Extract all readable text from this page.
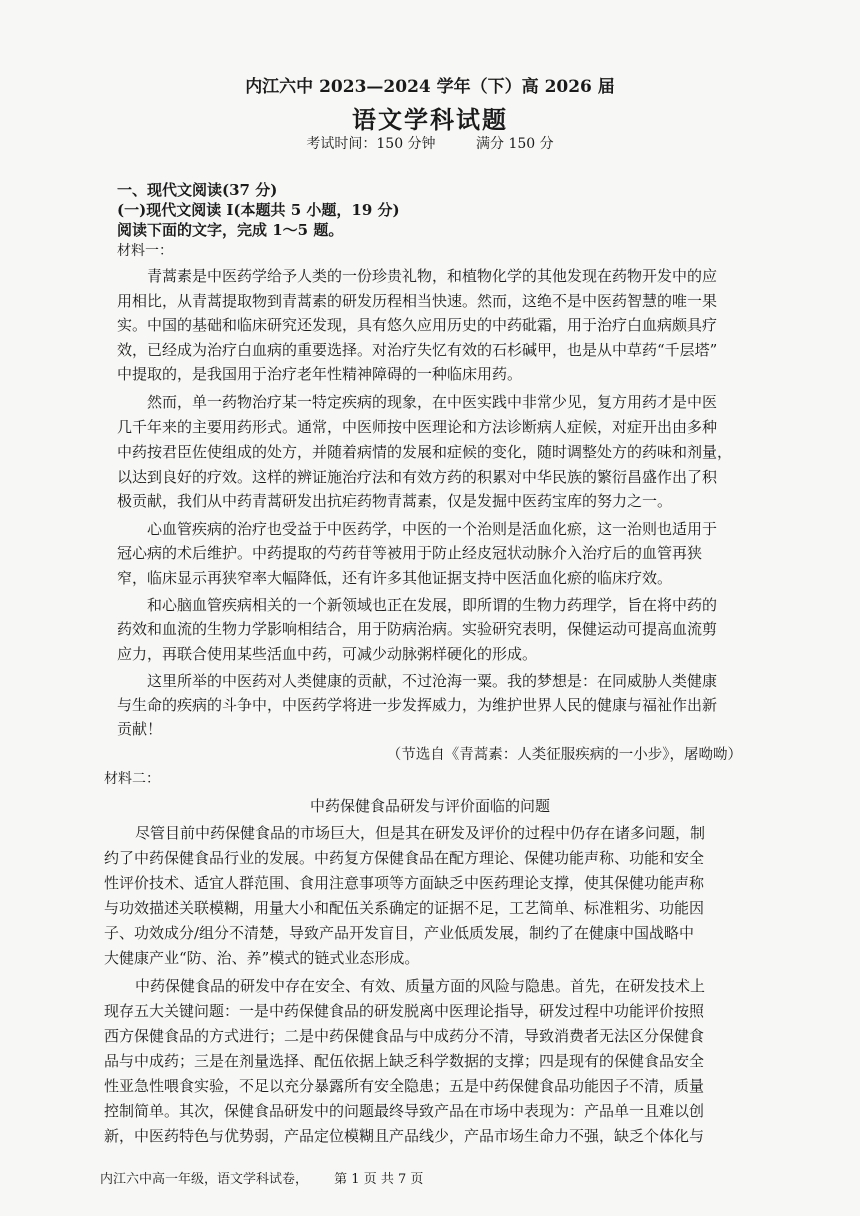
内江六中 2023—2024 学年（下）高 2026 届
语文学科试题
考试时间：150 分钟	满分 150 分
一、现代文阅读(37 分)
(一)现代文阅读 I(本题共 5 小题，19 分)
阅读下面的文字，完成 1～5 题。
材料一：
青蒿素是中医药学给予人类的一份珍贵礼物，和植物化学的其他发现在药物开发中的应
用相比，从青蒿提取物到青蒿素的研发历程相当快速。然而，这绝不是中医药智慧的唯一果
实。中国的基础和临床研究还发现，具有悠久应用历史的中药砒霜，用于治疗白血病颇具疗
效，已经成为治疗白血病的重要选择。对治疗失忆有效的石杉碱甲，也是从中草药“千层塔”
中提取的，是我国用于治疗老年性精神障碍的一种临床用药。
然而，单一药物治疗某一特定疾病的现象，在中医实践中非常少见，复方用药才是中医
几千年来的主要用药形式。通常，中医师按中医理论和方法诊断病人症候，对症开出由多种
中药按君臣佐使组成的处方，并随着病情的发展和症候的变化，随时调整处方的药味和剂量，
以达到良好的疗效。这样的辨证施治疗法和有效方药的积累对中华民族的繁衍昌盛作出了积
极贡献，我们从中药青蒿研发出抗疟药物青蒿素，仅是发掘中医药宝库的努力之一。
心血管疾病的治疗也受益于中医药学，中医的一个治则是活血化瘀，这一治则也适用于
冠心病的术后维护。中药提取的芍药苷等被用于防止经皮冠状动脉介入治疗后的血管再狭
窄，临床显示再狭窄率大幅降低，还有许多其他证据支持中医活血化瘀的临床疗效。
和心脑血管疾病相关的一个新领域也正在发展，即所谓的生物力药理学，旨在将中药的
药效和血流的生物力学影响相结合，用于防病治病。实验研究表明，保健运动可提高血流剪
应力，再联合使用某些活血中药，可减少动脉粥样硬化的形成。
这里所举的中医药对人类健康的贡献，不过沧海一粟。我的梦想是：在同威胁人类健康
与生命的疾病的斗争中，中医药学将进一步发挥威力，为维护世界人民的健康与福祉作出新
贡献！
（节选自《青蒿素：人类征服疾病的一小步》，屠呦呦）
材料二：
中药保健食品研发与评价面临的问题
尽管目前中药保健食品的市场巨大，但是其在研发及评价的过程中仍存在诸多问题，制
约了中药保健食品行业的发展。中药复方保健食品在配方理论、保健功能声称、功能和安全
性评价技术、适宜人群范围、食用注意事项等方面缺乏中医药理论支撑，使其保健功能声称
与功效描述关联模糊，用量大小和配伍关系确定的证据不足，工艺简单、标准粗劣、功能因
子、功效成分/组分不清楚，导致产品开发盲目，产业低质发展，制约了在健康中国战略中
大健康产业“防、治、养”模式的链式业态形成。
中药保健食品的研发中存在安全、有效、质量方面的风险与隐患。首先，在研发技术上
现存五大关键问题：一是中药保健食品的研发脱离中医理论指导，研发过程中功能评价按照
西方保健食品的方式进行；二是中药保健食品与中成药分不清，导致消费者无法区分保健食
品与中成药；三是在剂量选择、配伍依据上缺乏科学数据的支撑；四是现有的保健食品安全
性亚急性喂食实验，不足以充分暴露所有安全隐患；五是中药保健食品功能因子不清，质量
控制简单。其次，保健食品研发中的问题最终导致产品在市场中表现为：产品单一且难以创
新，中医药特色与优势弱，产品定位模糊且产品线少，产品市场生命力不强，缺乏个体化与
内江六中高一年级，语文学科试卷， 第 1 页 共 7 页
